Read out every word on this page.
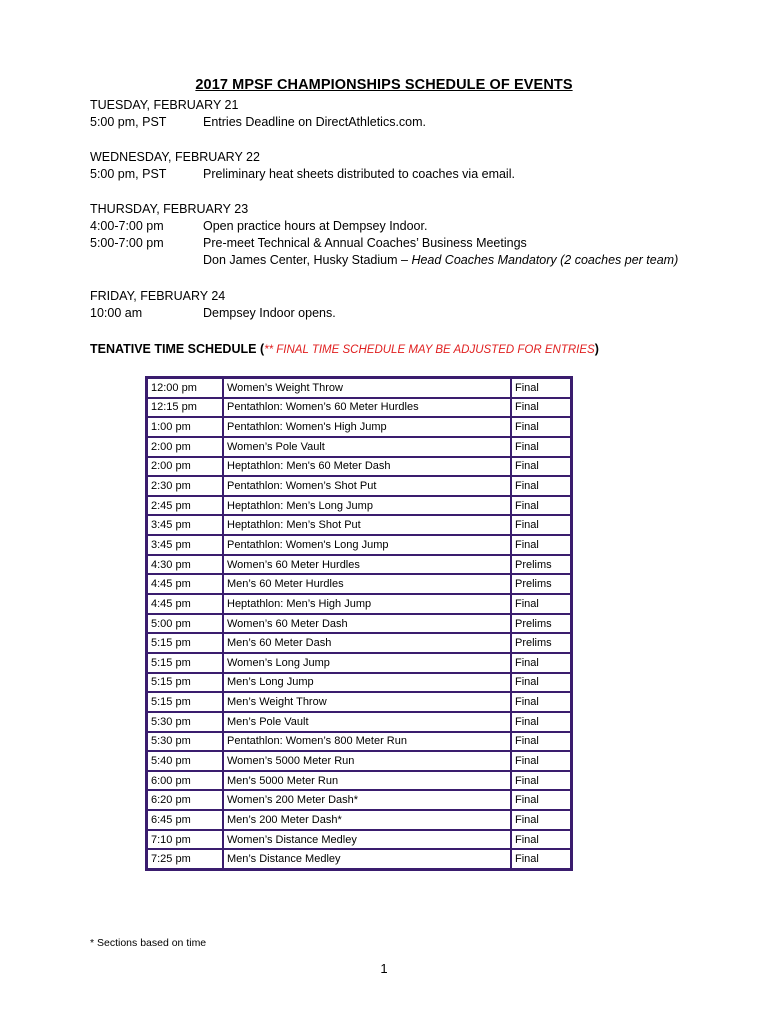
2017 MPSF CHAMPIONSHIPS SCHEDULE OF EVENTS
TUESDAY, FEBRUARY 21
5:00 pm, PST	Entries Deadline on DirectAthletics.com.
WEDNESDAY, FEBRUARY 22
5:00 pm, PST	Preliminary heat sheets distributed to coaches via email.
THURSDAY, FEBRUARY 23
4:00-7:00 pm	Open practice hours at Dempsey Indoor.
5:00-7:00 pm	Pre-meet Technical & Annual Coaches’ Business Meetings
Don James Center, Husky Stadium – Head Coaches Mandatory (2 coaches per team)
FRIDAY, FEBRUARY 24
10:00 am	Dempsey Indoor opens.
TENATIVE TIME SCHEDULE (** FINAL TIME SCHEDULE MAY BE ADJUSTED FOR ENTRIES)
12:00 pm	Women’s Weight Throw	Final
12:15 pm	Pentathlon: Women’s 60 Meter Hurdles	Final
1:00 pm	Pentathlon: Women's High Jump	Final
2:00 pm	Women’s Pole Vault	Final
2:00 pm	Heptathlon: Men's 60 Meter Dash	Final
2:30 pm	Pentathlon: Women’s Shot Put	Final
2:45 pm	Heptathlon: Men’s Long Jump	Final
3:45 pm	Heptathlon: Men’s Shot Put	Final
3:45 pm	Pentathlon: Women's Long Jump	Final
4:30 pm	Women’s 60 Meter Hurdles	Prelims
4:45 pm	Men’s 60 Meter Hurdles	Prelims
4:45 pm	Heptathlon: Men’s High Jump	Final
5:00 pm	Women’s 60 Meter Dash	Prelims
5:15 pm	Men’s 60 Meter Dash	Prelims
5:15 pm	Women’s Long Jump	Final
5:15 pm	Men’s Long Jump	Final
5:15 pm	Men’s Weight Throw	Final
5:30 pm	Men’s Pole Vault	Final
5:30 pm	Pentathlon: Women’s 800 Meter Run	Final
5:40 pm	Women’s 5000 Meter Run	Final
6:00 pm	Men’s 5000 Meter Run	Final
6:20 pm	Women’s 200 Meter Dash*	Final
6:45 pm	Men’s 200 Meter Dash*	Final
7:10 pm	Women’s Distance Medley	Final
7:25 pm	Men’s Distance Medley	Final
* Sections based on time
1
